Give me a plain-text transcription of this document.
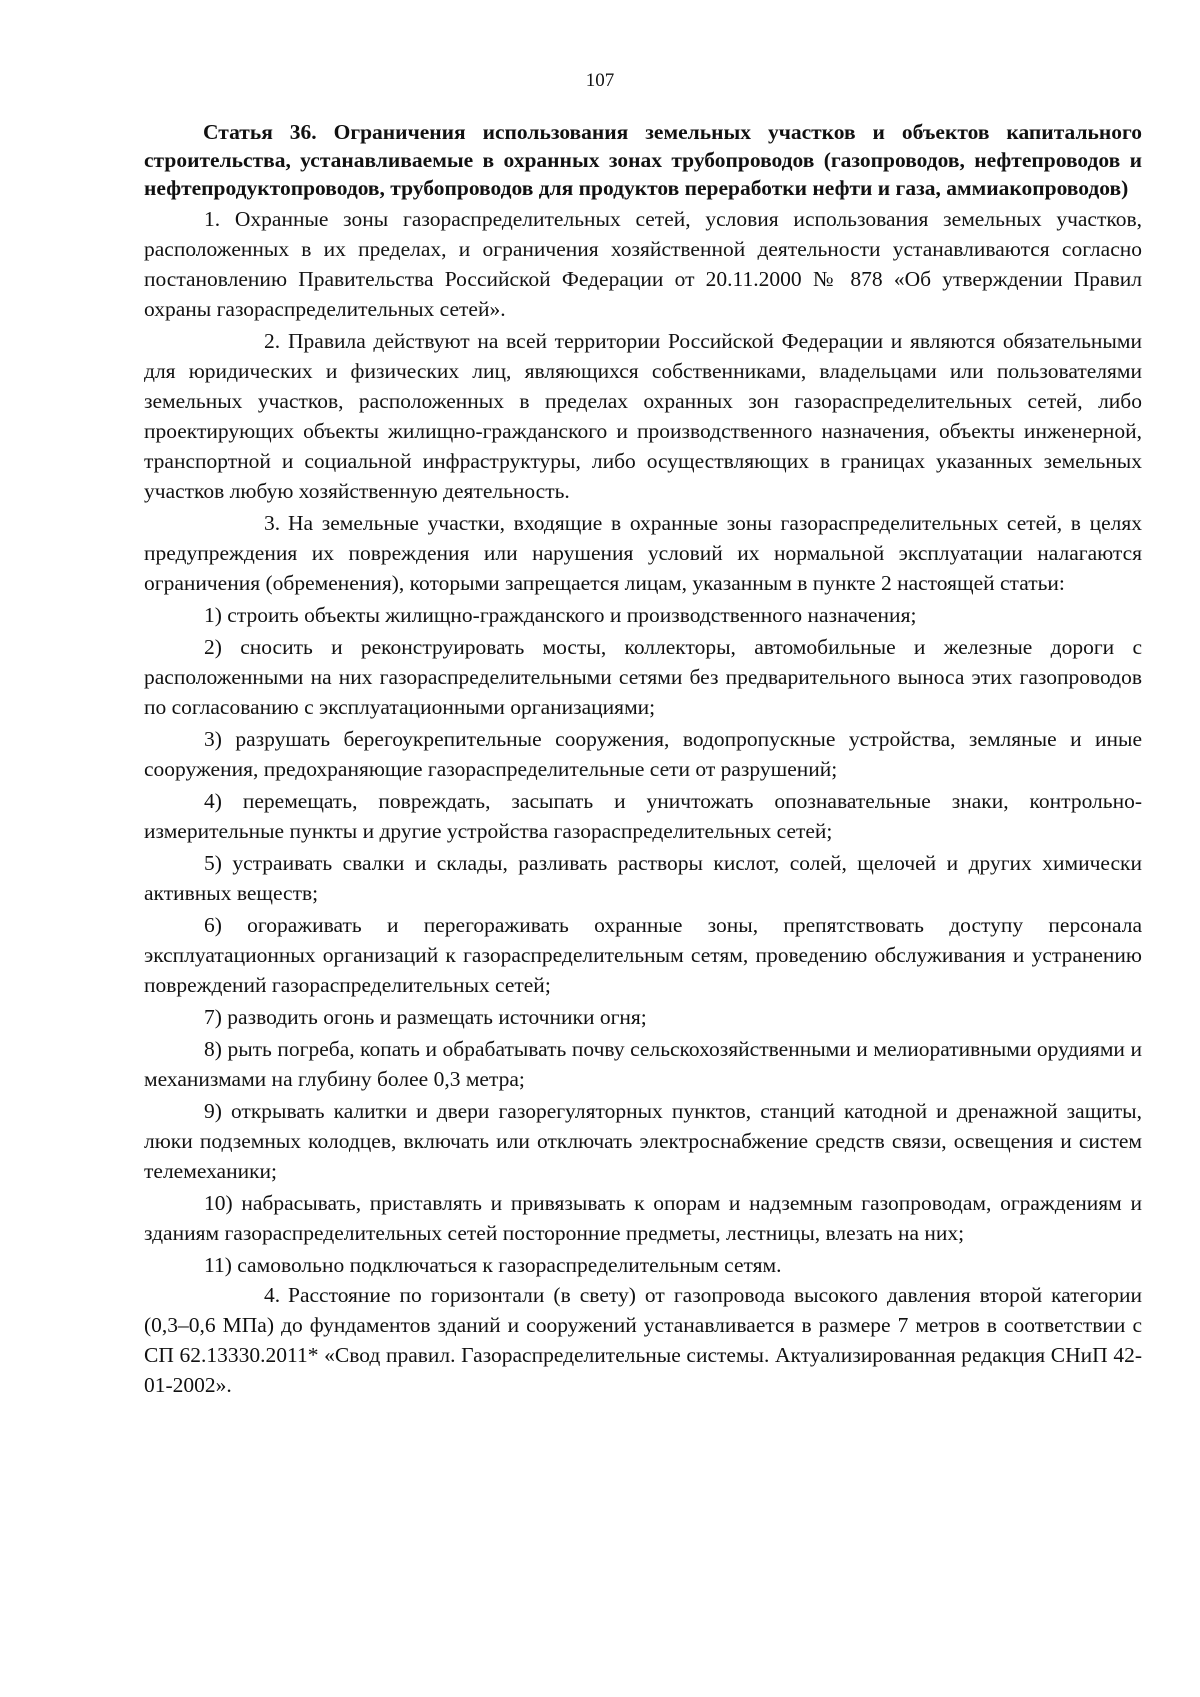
107

Статья 36. Ограничения использования земельных участков и объектов капитального строительства, устанавливаемые в охранных зонах трубопроводов (газопроводов, нефтепроводов и нефтепродуктопроводов, трубопроводов для продуктов переработки нефти и газа, аммиакопроводов)

1. Охранные зоны газораспределительных сетей, условия использования земельных участков, расположенных в их пределах, и ограничения хозяйственной деятельности устанавливаются согласно постановлению Правительства Российской Федерации от 20.11.2000 № 878 «Об утверждении Правил охраны газораспределительных сетей».

2. Правила действуют на всей территории Российской Федерации и являются обязательными для юридических и физических лиц, являющихся собственниками, владельцами или пользователями земельных участков, расположенных в пределах охранных зон газораспределительных сетей, либо проектирующих объекты жилищно-гражданского и производственного назначения, объекты инженерной, транспортной и социальной инфраструктуры, либо осуществляющих в границах указанных земельных участков любую хозяйственную деятельность.

3. На земельные участки, входящие в охранные зоны газораспределительных сетей, в целях предупреждения их повреждения или нарушения условий их нормальной эксплуатации налагаются ограничения (обременения), которыми запрещается лицам, указанным в пункте 2 настоящей статьи:

1) строить объекты жилищно-гражданского и производственного назначения;

2) сносить и реконструировать мосты, коллекторы, автомобильные и железные дороги с расположенными на них газораспределительными сетями без предварительного выноса этих газопроводов по согласованию с эксплуатационными организациями;

3) разрушать берегоукрепительные сооружения, водопропускные устройства, земляные и иные сооружения, предохраняющие газораспределительные сети от разрушений;

4) перемещать, повреждать, засыпать и уничтожать опознавательные знаки, контрольно-измерительные пункты и другие устройства газораспределительных сетей;

5) устраивать свалки и склады, разливать растворы кислот, солей, щелочей и других химически активных веществ;

6) огораживать и перегораживать охранные зоны, препятствовать доступу персонала эксплуатационных организаций к газораспределительным сетям, проведению обслуживания и устранению повреждений газораспределительных сетей;

7) разводить огонь и размещать источники огня;

8) рыть погреба, копать и обрабатывать почву сельскохозяйственными и мелиоративными орудиями и механизмами на глубину более 0,3 метра;

9) открывать калитки и двери газорегуляторных пунктов, станций катодной и дренажной защиты, люки подземных колодцев, включать или отключать электроснабжение средств связи, освещения и систем телемеханики;

10) набрасывать, приставлять и привязывать к опорам и надземным газопроводам, ограждениям и зданиям газораспределительных сетей посторонние предметы, лестницы, влезать на них;

11) самовольно подключаться к газораспределительным сетям.

4. Расстояние по горизонтали (в свету) от газопровода высокого давления второй категории (0,3–0,6 МПа) до фундаментов зданий и сооружений устанавливается в размере 7 метров в соответствии с СП 62.13330.2011* «Свод правил. Газораспределительные системы. Актуализированная редакция СНиП 42-01-2002».
